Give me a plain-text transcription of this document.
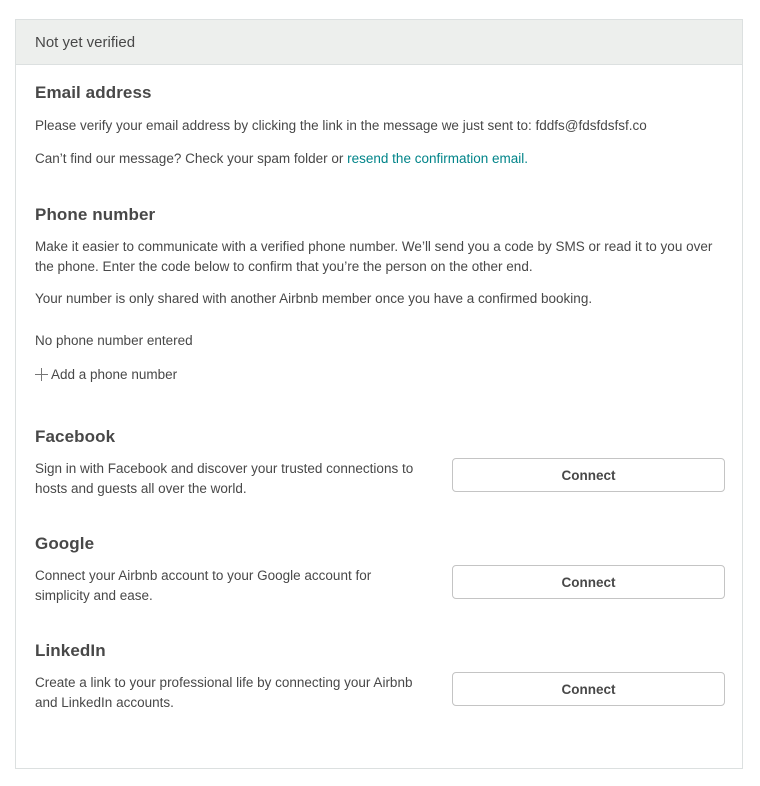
Not yet verified
Email address

Please verify your email address by clicking the link in the message we just sent to: fddfs@fdsfdsfsf.co

Can’t find our message? Check your spam folder or resend the confirmation email.

Phone number

Make it easier to communicate with a verified phone number. We’ll send you a code by SMS or read it to you over the phone. Enter the code below to confirm that you’re the person on the other end.

Your number is only shared with another Airbnb member once you have a confirmed booking.

No phone number entered

Add a phone number
Facebook

Sign in with Facebook and discover your trusted connections to hosts and guests all over the world.

Connect
Google

Connect your Airbnb account to your Google account for simplicity and ease.

Connect
LinkedIn

Create a link to your professional life by connecting your Airbnb and LinkedIn accounts.

Connect
